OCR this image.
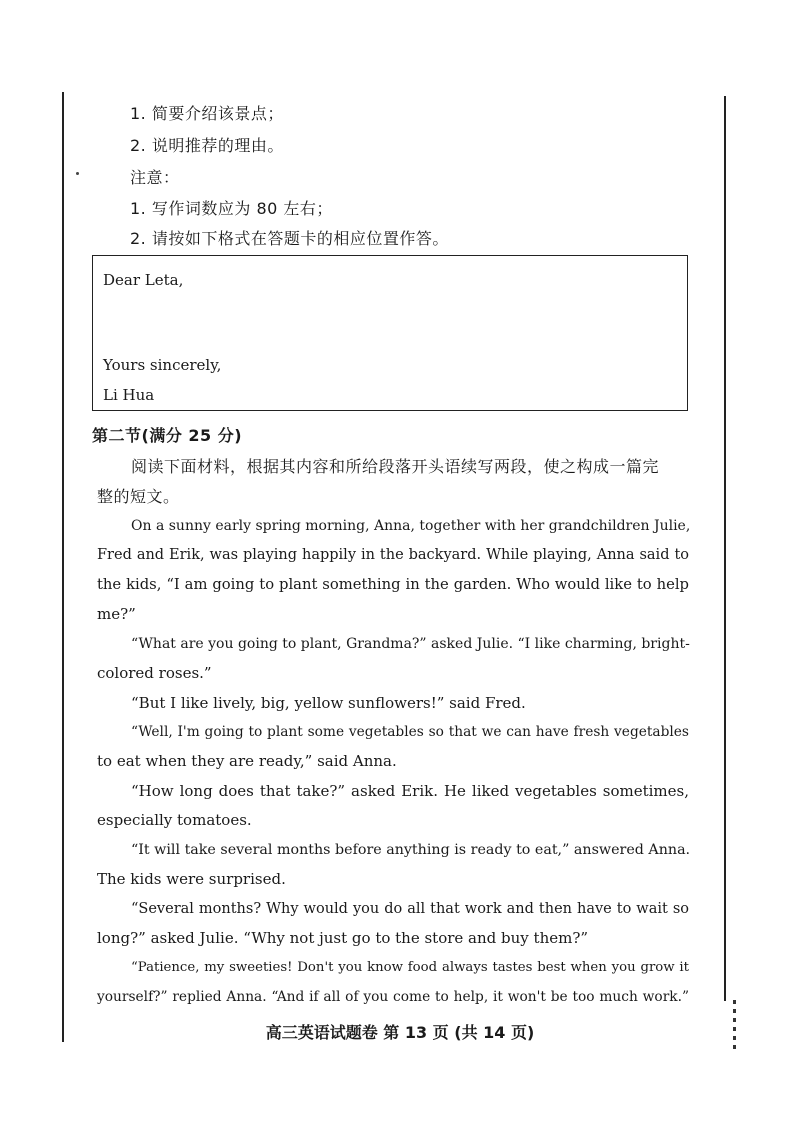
1. 简要介绍该景点；
2. 说明推荐的理由。
注意：
1. 写作词数应为 80 左右；
2. 请按如下格式在答题卡的相应位置作答。
Dear Leta,
Yours sincerely,
Li Hua
第二节(满分 25 分)
阅读下面材料，根据其内容和所给段落开头语续写两段，使之构成一篇完
整的短文。
On a sunny early spring morning, Anna, together with her grandchildren Julie,
Fred and Erik, was playing happily in the backyard. While playing, Anna said to
the kids, “I am going to plant something in the garden. Who would like to help
me?”
“What are you going to plant, Grandma?” asked Julie. “I like charming, bright-
colored roses.”
“But I like lively, big, yellow sunflowers!” said Fred.
“Well, I'm going to plant some vegetables so that we can have fresh vegetables
to eat when they are ready,” said Anna.
“How long does that take?” asked Erik. He liked vegetables sometimes,
especially tomatoes.
“It will take several months before anything is ready to eat,” answered Anna.
The kids were surprised.
“Several months? Why would you do all that work and then have to wait so
long?” asked Julie. “Why not just go to the store and buy them?”
“Patience, my sweeties! Don't you know food always tastes best when you grow it
yourself?” replied Anna. “And if all of you come to help, it won't be too much work.”
高三英语试题卷 第 13 页 (共 14 页)
